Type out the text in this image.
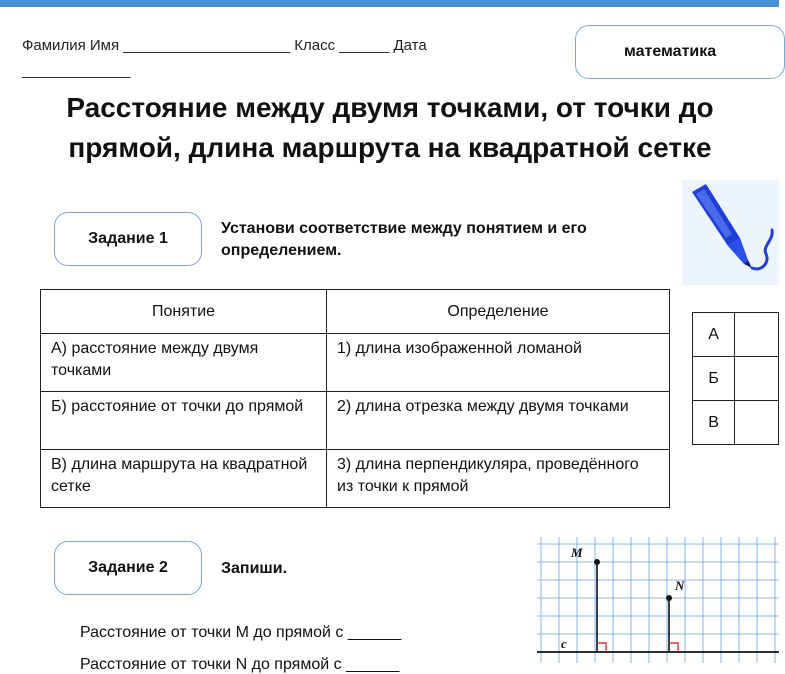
Фамилия Имя ____________________ Класс ______ Дата
_____________
математика
Расстояние между двумя точками, от точки до прямой, длина маршрута на квадратной сетке
Задание 1
Установи соответствие между понятием и его определением.
Понятие	Определение
А) расстояние между двумя точками	1) длина изображенной ломаной
Б) расстояние от точки до прямой	2) длина отрезка между двумя точками
В) длина маршрута на квадратной сетке	3) длина перпендикуляра, проведённого из точки к прямой
А	
Б	
В	
Задание 2	Запиши.
Расстояние от точки M до прямой c ______
Расстояние от точки N до прямой c ______
M
N
c
